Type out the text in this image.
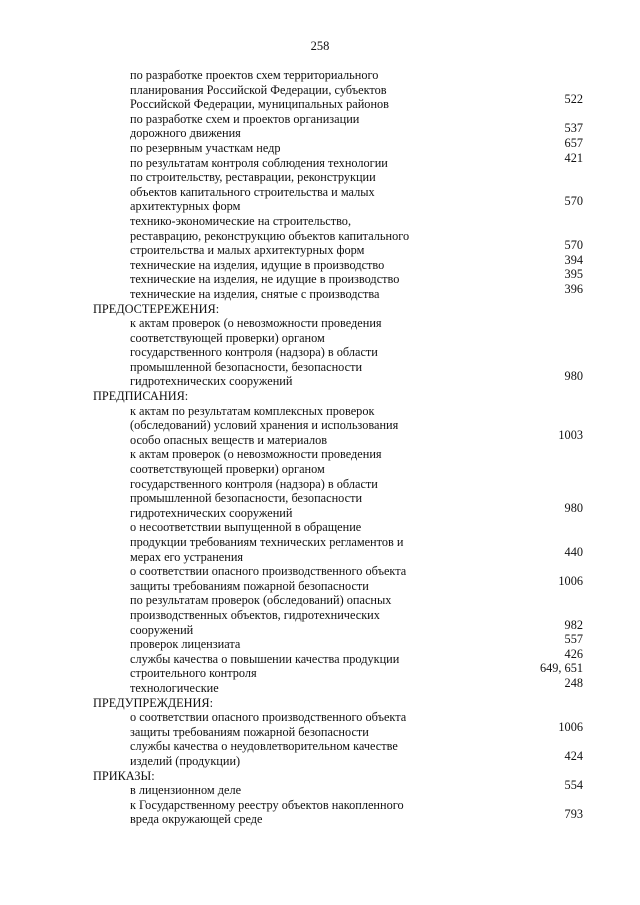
258
по разработке проектов схем территориального
планирования Российской Федерации, субъектов
Российской Федерации, муниципальных районов	522
по разработке схем и проектов организации
дорожного движения	537
по резервным участкам недр	657
по результатам контроля соблюдения технологии	421
по строительству, реставрации, реконструкции
объектов капитального строительства и малых
архитектурных форм	570
технико-экономические на строительство,
реставрацию, реконструкцию объектов капитального
строительства и малых архитектурных форм	570
технические на изделия, идущие в производство	394
технические на изделия, не идущие в производство	395
технические на изделия, снятые с производства	396
ПРЕДОСТЕРЕЖЕНИЯ:
к актам проверок (о невозможности проведения
соответствующей проверки) органом
государственного контроля (надзора) в области
промышленной безопасности, безопасности
гидротехнических сооружений	980
ПРЕДПИСАНИЯ:
к актам по результатам комплексных проверок
(обследований) условий хранения и использования
особо опасных веществ и материалов	1003
к актам проверок (о невозможности проведения
соответствующей проверки) органом
государственного контроля (надзора) в области
промышленной безопасности, безопасности
гидротехнических сооружений	980
о несоответствии выпущенной в обращение
продукции требованиям технических регламентов и
мерах его устранения	440
о соответствии опасного производственного объекта
защиты требованиям пожарной безопасности	1006
по результатам проверок (обследований) опасных
производственных объектов, гидротехнических
сооружений	982
проверок лицензиата	557
службы качества о повышении качества продукции	426
строительного контроля	649, 651
технологические	248
ПРЕДУПРЕЖДЕНИЯ:
о соответствии опасного производственного объекта
защиты требованиям пожарной безопасности	1006
службы качества о неудовлетворительном качестве
изделий (продукции)	424
ПРИКАЗЫ:
в лицензионном деле	554
к Государственному реестру объектов накопленного
вреда окружающей среде	793
